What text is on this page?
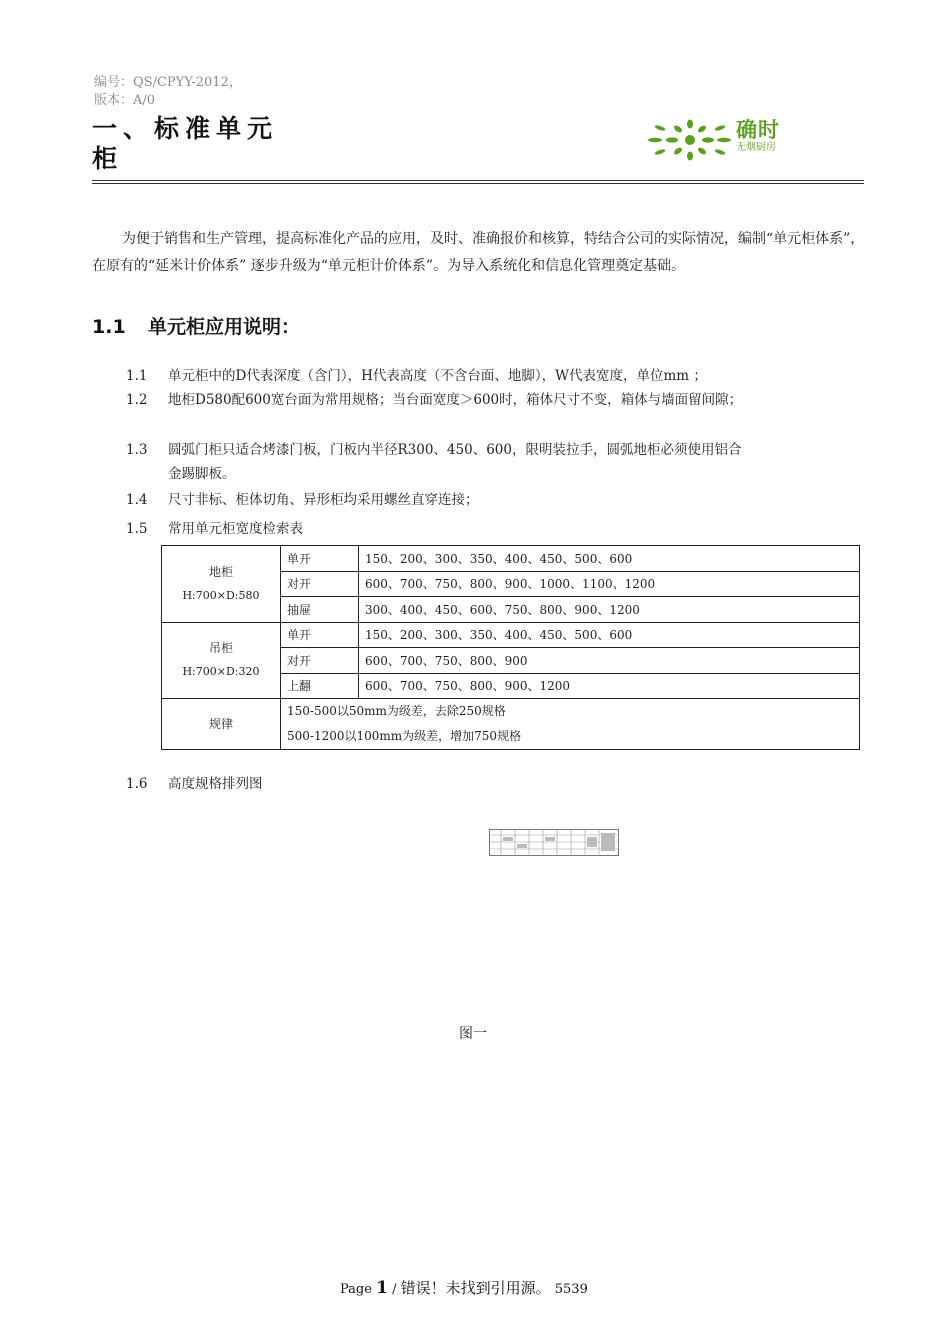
编号：QS/CPYY-2012，
版本：A/0
一、标准单元柜
确时
无烟厨房
为便于销售和生产管理，提高标准化产品的应用，及时、准确报价和核算，特结合公司的实际情况，编制“单元柜体系”，在原有的“延米计价体系” 逐步升级为“单元柜计价体系”。为导入系统化和信息化管理奠定基础。
1.1 单元柜应用说明：
1.1 单元柜中的D代表深度（含门），H代表高度（不含台面、地脚），W代表宽度，单位mm ；
1.2 地柜D580配600宽台面为常用规格；当台面宽度＞600时，箱体尺寸不变，箱体与墙面留间隙；
1.3 圆弧门柜只适合烤漆门板，门板内半径R300、450、600，限明装拉手，圆弧地柜必须使用铝合
金踢脚板。
1.4 尺寸非标、柜体切角、异形柜均采用螺丝直穿连接；
1.5 常用单元柜宽度检索表
地柜
H:700×D:580	单开	150、200、300、350、400、450、500、600
	对开	600、700、750、800、900、1000、1100、1200
	抽屉	300、400、450、600、750、800、900、1200

吊柜
H:700×D:320	单开	150、200、300、350、400、450、500、600
	对开	600、700、750、800、900
	上翻	600、700、750、800、900、1200
规律	150-500以50mm为级差，去除250规格
500-1200以100mm为级差，增加750规格	
1.6 高度规格排列图
图一
Page 1 / 错误！未找到引用源。 5539
